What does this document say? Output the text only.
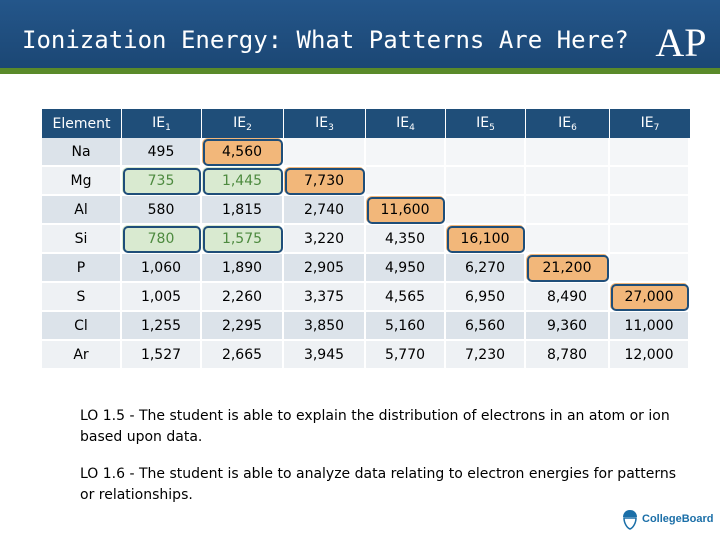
Ionization Energy: What Patterns Are Here? AP
Element	$IE_1$	$IE_2$	$IE_3$	$IE_4$	$IE_5$	$IE_6$	$IE_7$
Na	495	4,560					
Mg	735	1,445	7,730				
Al	580	1,815	2,740	11,600			
Si	780	1,575	3,220	4,350	16,100		
P	1,060	1,890	2,905	4,950	6,270	21,200	
S	1,005	2,260	3,375	4,565	6,950	8,490	27,000
Cl	1,255	2,295	3,850	5,160	6,560	9,360	11,000
Ar	1,527	2,665	3,945	5,770	7,230	8,780	12,000
LO 1.5 - The student is able to explain the distribution of electrons in an atom or ion based upon data.
LO 1.6 - The student is able to analyze data relating to electron energies for patterns or relationships.
CollegeBoard
